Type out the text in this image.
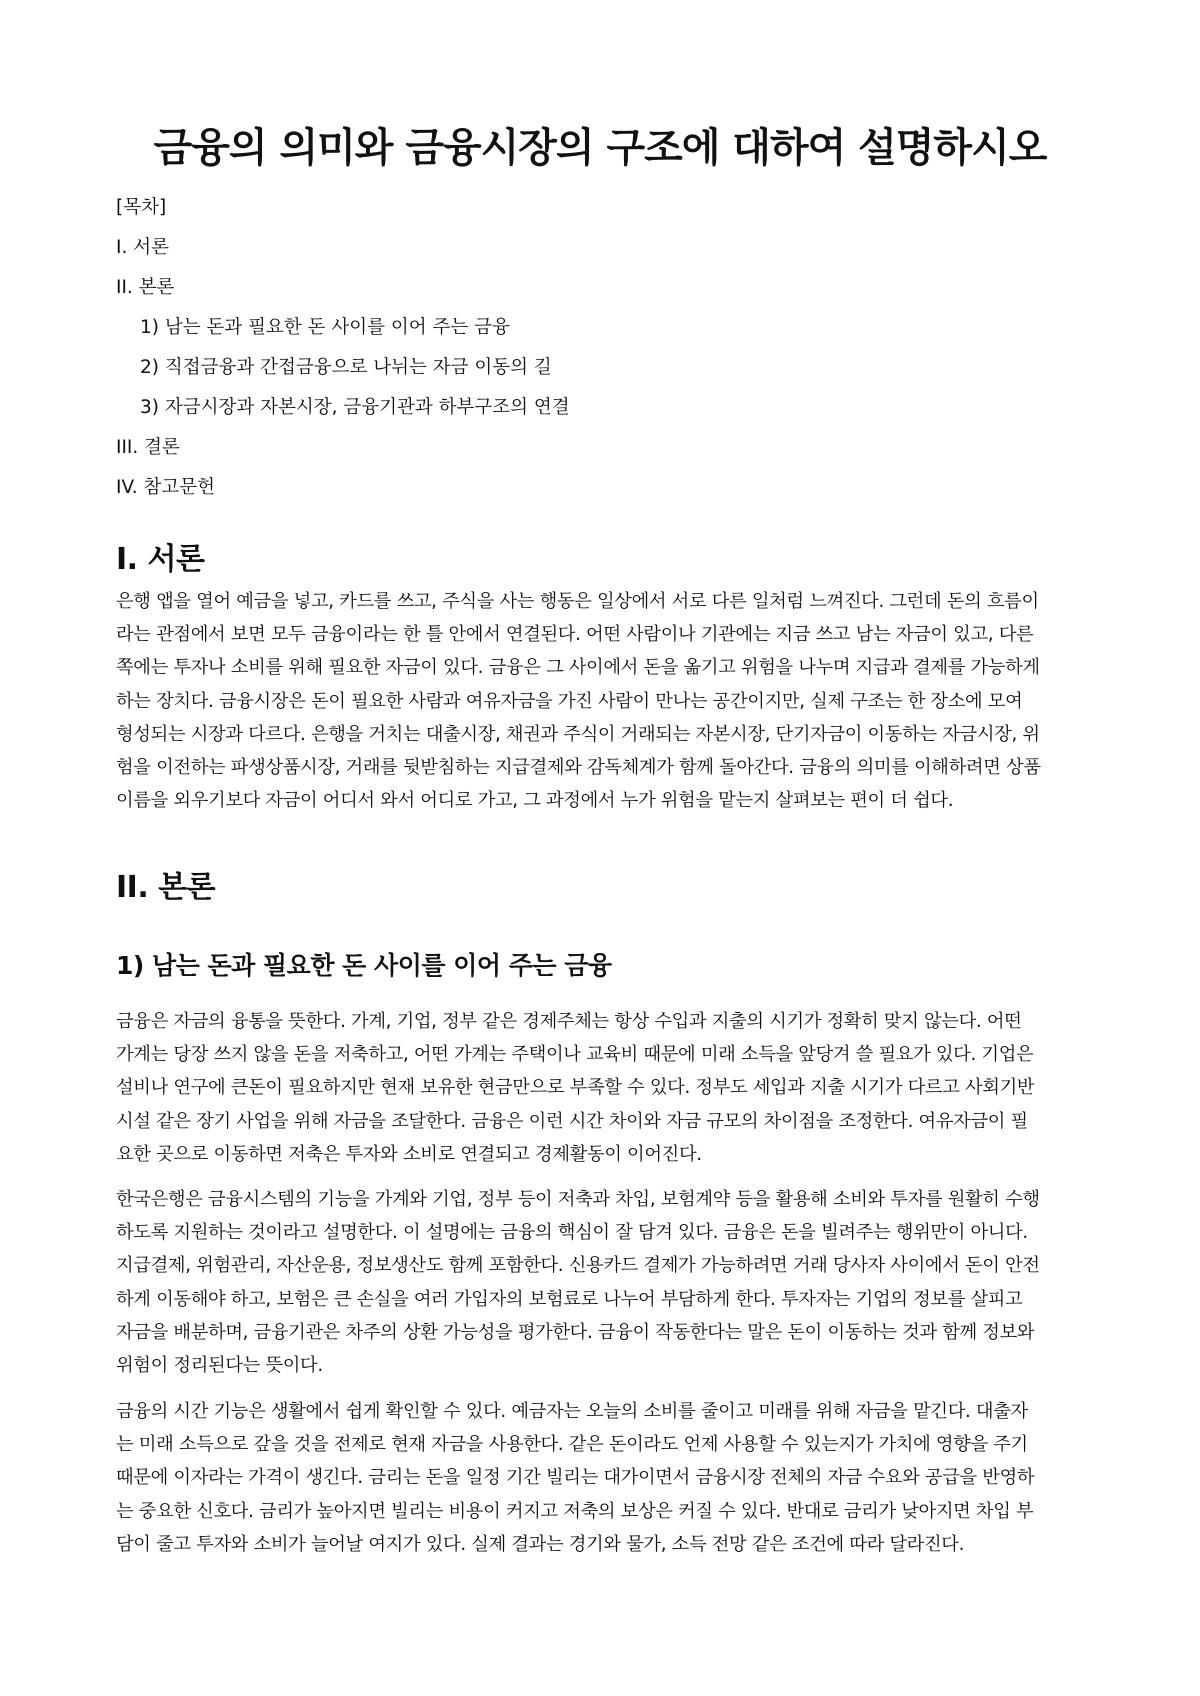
금융의 의미와 금융시장의 구조에 대하여 설명하시오
[목차]
I. 서론
II. 본론
1) 남는 돈과 필요한 돈 사이를 이어 주는 금융
2) 직접금융과 간접금융으로 나뉘는 자금 이동의 길
3) 자금시장과 자본시장, 금융기관과 하부구조의 연결
III. 결론
IV. 참고문헌
I. 서론
은행 앱을 열어 예금을 넣고, 카드를 쓰고, 주식을 사는 행동은 일상에서 서로 다른 일처럼 느껴진다. 그런데 돈의 흐름이
라는 관점에서 보면 모두 금융이라는 한 틀 안에서 연결된다. 어떤 사람이나 기관에는 지금 쓰고 남는 자금이 있고, 다른
쪽에는 투자나 소비를 위해 필요한 자금이 있다. 금융은 그 사이에서 돈을 옮기고 위험을 나누며 지급과 결제를 가능하게
하는 장치다. 금융시장은 돈이 필요한 사람과 여유자금을 가진 사람이 만나는 공간이지만, 실제 구조는 한 장소에 모여
형성되는 시장과 다르다. 은행을 거치는 대출시장, 채권과 주식이 거래되는 자본시장, 단기자금이 이동하는 자금시장, 위
험을 이전하는 파생상품시장, 거래를 뒷받침하는 지급결제와 감독체계가 함께 돌아간다. 금융의 의미를 이해하려면 상품
이름을 외우기보다 자금이 어디서 와서 어디로 가고, 그 과정에서 누가 위험을 맡는지 살펴보는 편이 더 쉽다.
II. 본론
1) 남는 돈과 필요한 돈 사이를 이어 주는 금융
금융은 자금의 융통을 뜻한다. 가계, 기업, 정부 같은 경제주체는 항상 수입과 지출의 시기가 정확히 맞지 않는다. 어떤
가계는 당장 쓰지 않을 돈을 저축하고, 어떤 가계는 주택이나 교육비 때문에 미래 소득을 앞당겨 쓸 필요가 있다. 기업은
설비나 연구에 큰돈이 필요하지만 현재 보유한 현금만으로 부족할 수 있다. 정부도 세입과 지출 시기가 다르고 사회기반
시설 같은 장기 사업을 위해 자금을 조달한다. 금융은 이런 시간 차이와 자금 규모의 차이점을 조정한다. 여유자금이 필
요한 곳으로 이동하면 저축은 투자와 소비로 연결되고 경제활동이 이어진다.
한국은행은 금융시스템의 기능을 가계와 기업, 정부 등이 저축과 차입, 보험계약 등을 활용해 소비와 투자를 원활히 수행
하도록 지원하는 것이라고 설명한다. 이 설명에는 금융의 핵심이 잘 담겨 있다. 금융은 돈을 빌려주는 행위만이 아니다.
지급결제, 위험관리, 자산운용, 정보생산도 함께 포함한다. 신용카드 결제가 가능하려면 거래 당사자 사이에서 돈이 안전
하게 이동해야 하고, 보험은 큰 손실을 여러 가입자의 보험료로 나누어 부담하게 한다. 투자자는 기업의 정보를 살피고
자금을 배분하며, 금융기관은 차주의 상환 가능성을 평가한다. 금융이 작동한다는 말은 돈이 이동하는 것과 함께 정보와
위험이 정리된다는 뜻이다.
금융의 시간 기능은 생활에서 쉽게 확인할 수 있다. 예금자는 오늘의 소비를 줄이고 미래를 위해 자금을 맡긴다. 대출자
는 미래 소득으로 갚을 것을 전제로 현재 자금을 사용한다. 같은 돈이라도 언제 사용할 수 있는지가 가치에 영향을 주기
때문에 이자라는 가격이 생긴다. 금리는 돈을 일정 기간 빌리는 대가이면서 금융시장 전체의 자금 수요와 공급을 반영하
는 중요한 신호다. 금리가 높아지면 빌리는 비용이 커지고 저축의 보상은 커질 수 있다. 반대로 금리가 낮아지면 차입 부
담이 줄고 투자와 소비가 늘어날 여지가 있다. 실제 결과는 경기와 물가, 소득 전망 같은 조건에 따라 달라진다.
